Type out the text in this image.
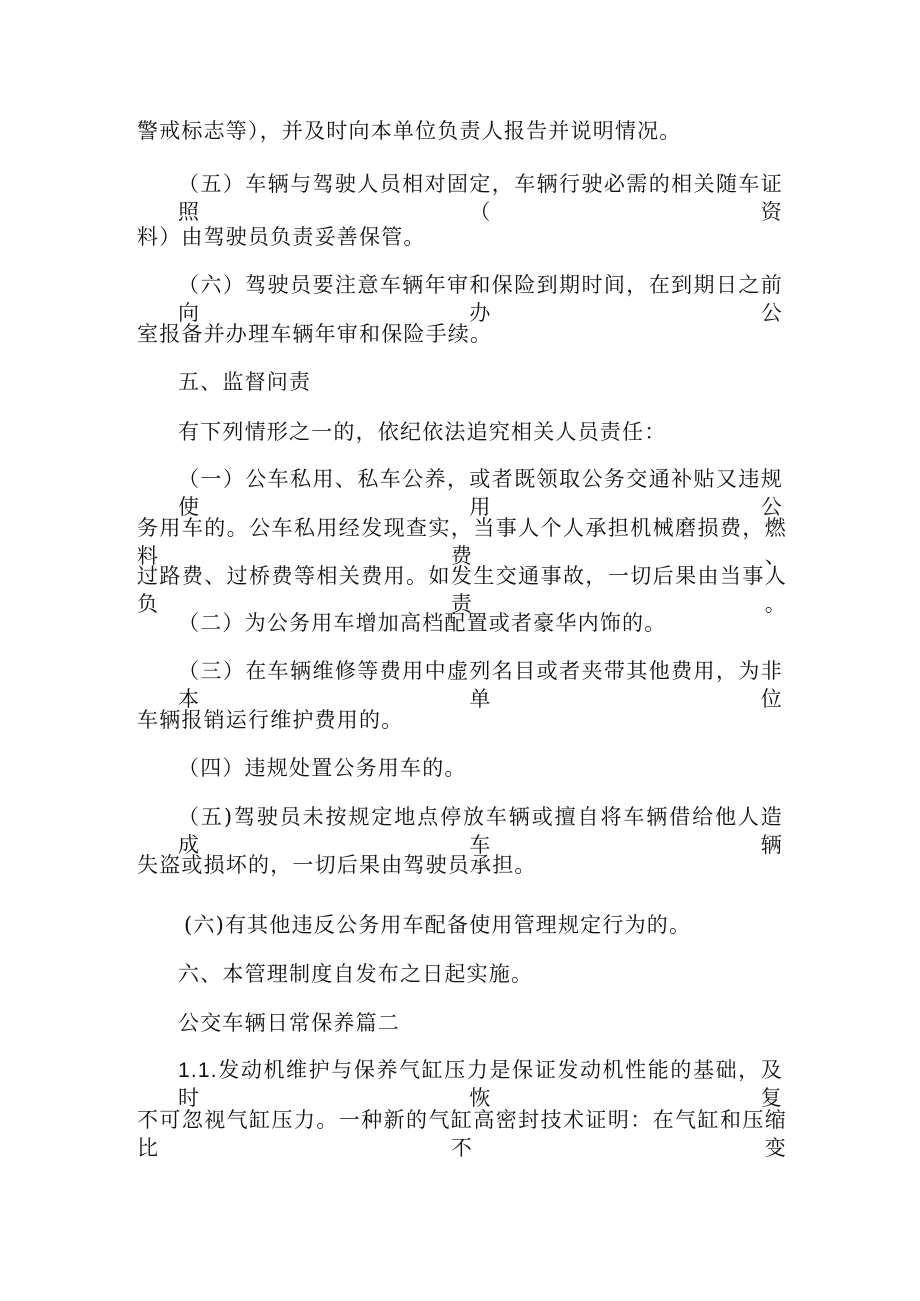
警戒标志等），并及时向本单位负责人报告并说明情况。
（五）车辆与驾驶人员相对固定，车辆行驶必需的相关随车证照（资
料）由驾驶员负责妥善保管。
（六）驾驶员要注意车辆年审和保险到期时间，在到期日之前向办公
室报备并办理车辆年审和保险手续。
五、监督问责
有下列情形之一的，依纪依法追究相关人员责任：
（一）公车私用、私车公养，或者既领取公务交通补贴又违规使用公
务用车的。公车私用经发现查实，当事人个人承担机械磨损费，燃料费、
过路费、过桥费等相关费用。如发生交通事故，一切后果由当事人负责。
（二）为公务用车增加高档配置或者豪华内饰的。
（三）在车辆维修等费用中虚列名目或者夹带其他费用，为非本单位
车辆报销运行维护费用的。
（四）违规处置公务用车的。
（五)驾驶员未按规定地点停放车辆或擅自将车辆借给他人造成车辆
失盗或损坏的，一切后果由驾驶员承担。
(六)有其他违反公务用车配备使用管理规定行为的。
六、本管理制度自发布之日起实施。
公交车辆日常保养篇二
1.1.发动机维护与保养气缸压力是保证发动机性能的基础，及时恢复
不可忽视气缸压力。一种新的气缸高密封技术证明：在气缸和压缩比不变
